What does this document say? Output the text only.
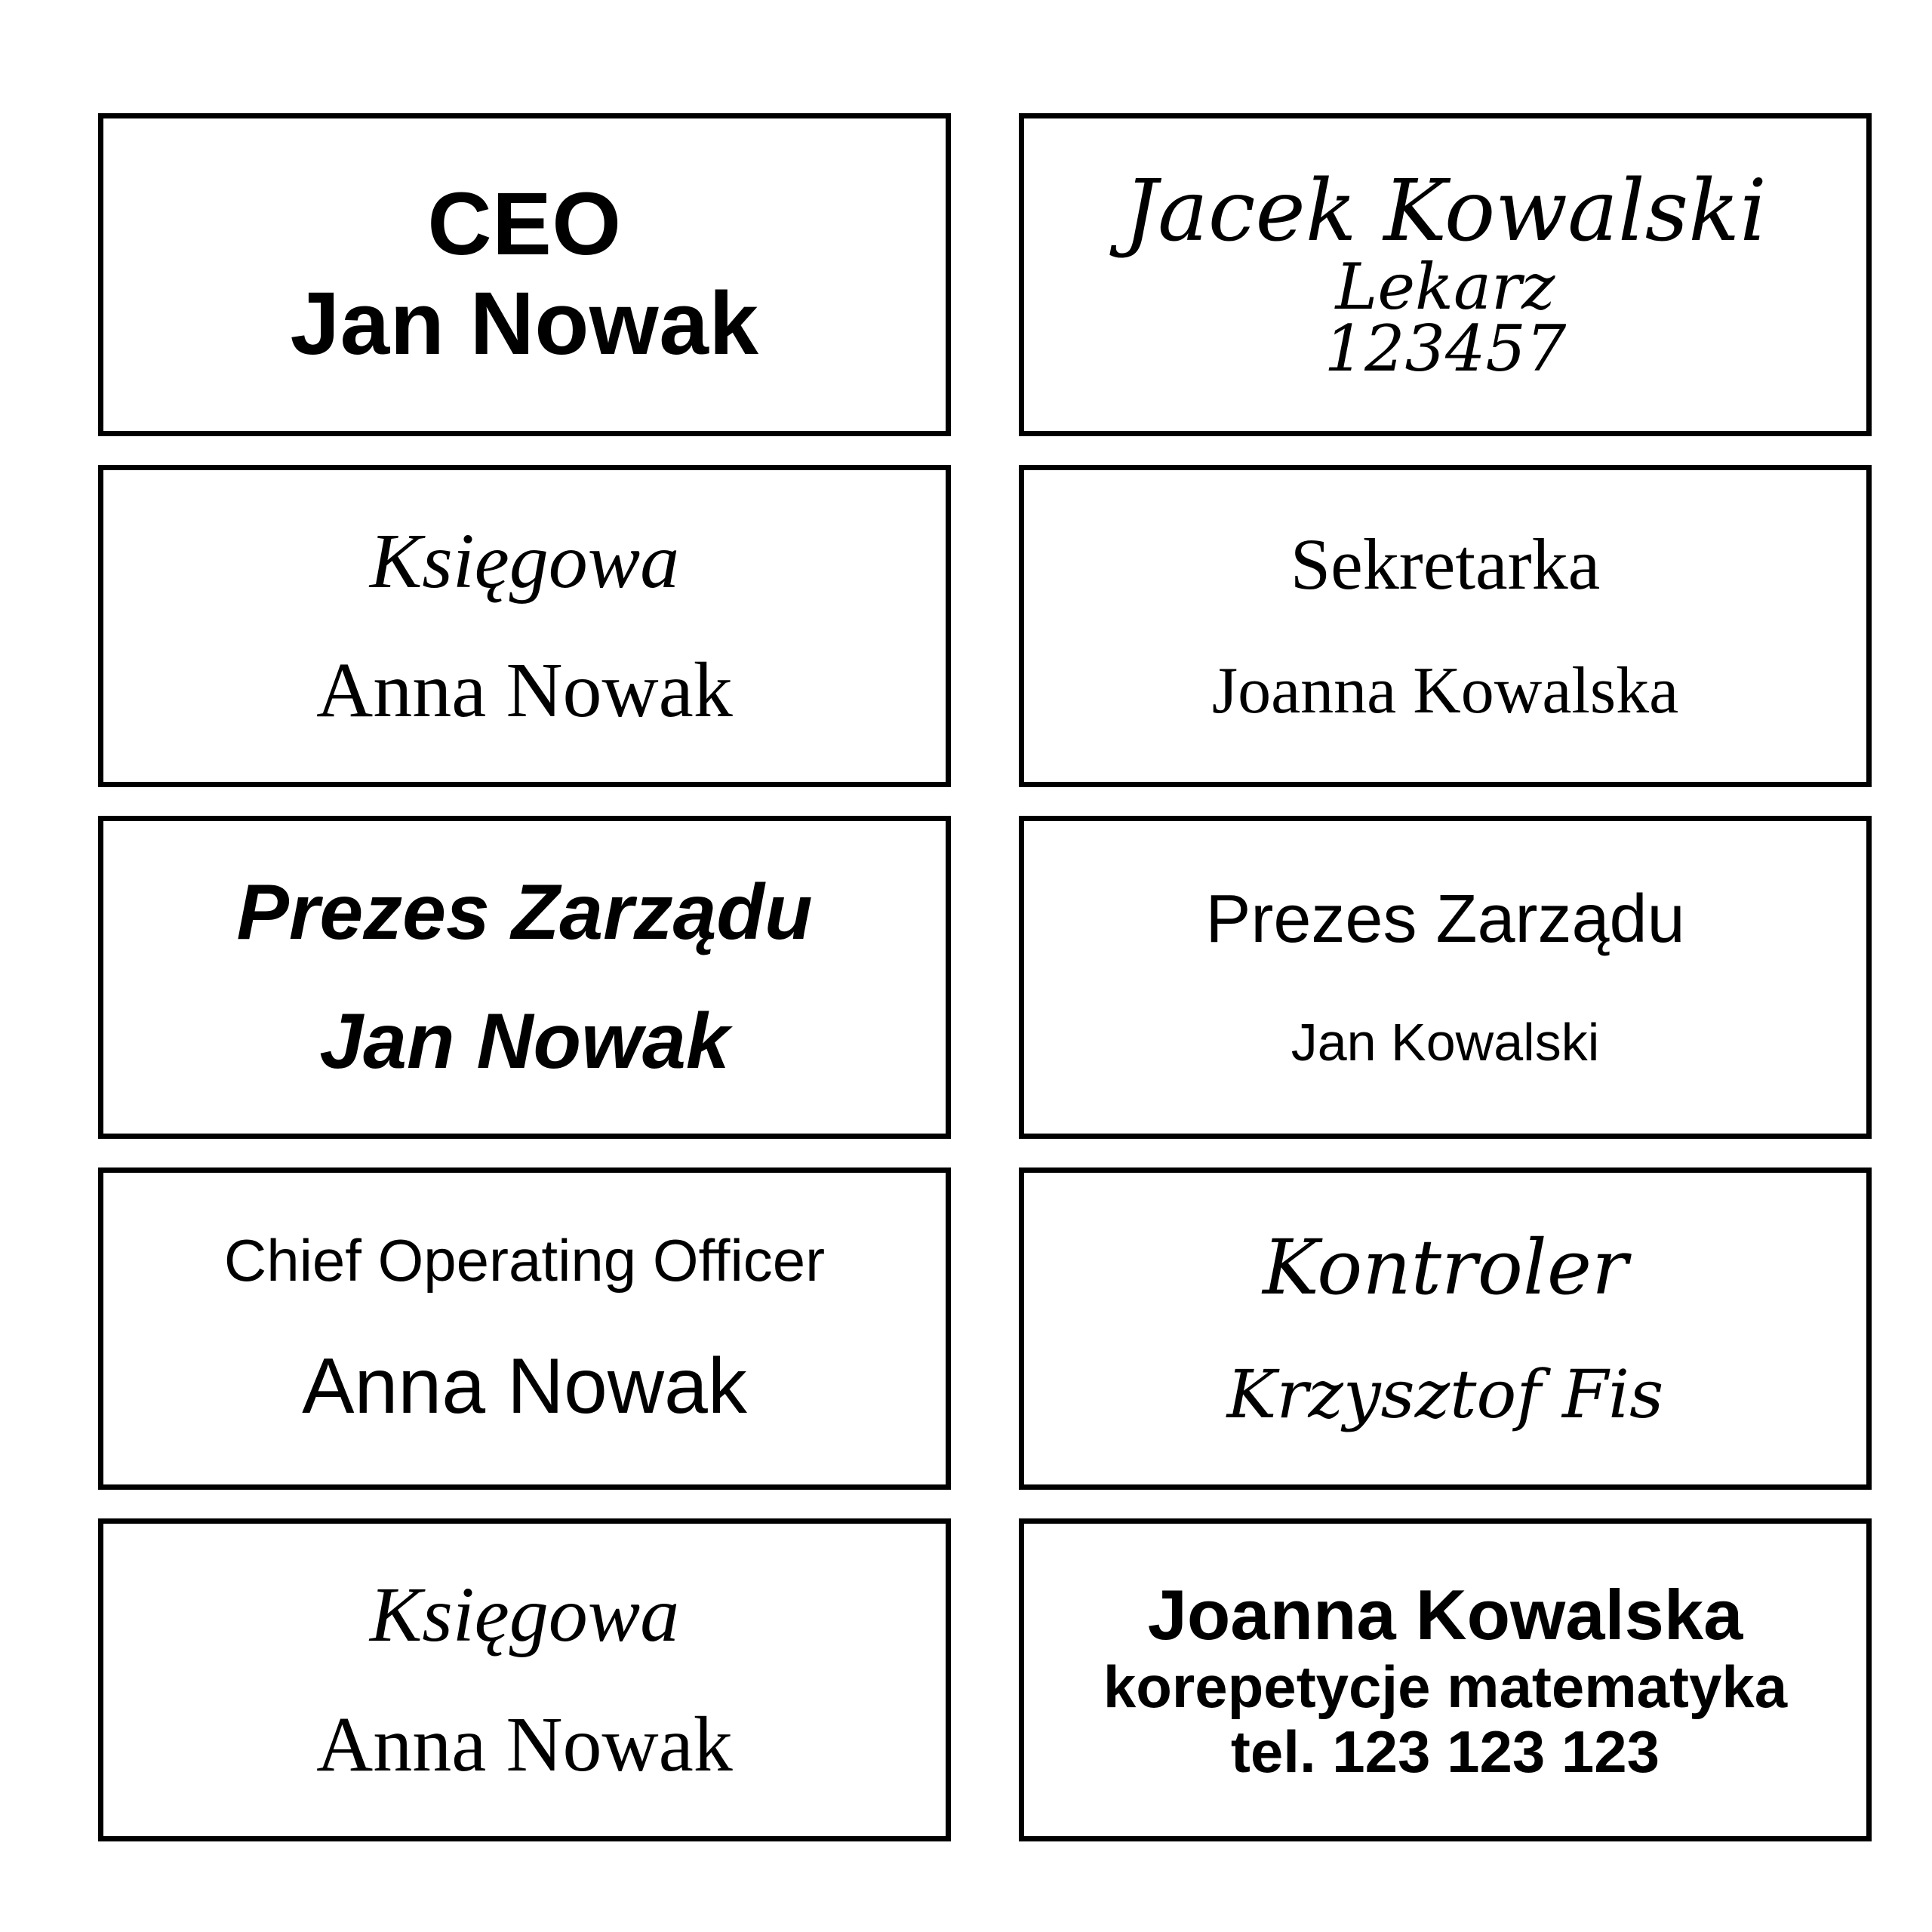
CEO
Jan Nowak
Jacek Kowalski
Lekarz
123457
Księgowa
Anna Nowak
Sekretarka
Joanna Kowalska
Prezes Zarządu
Jan Nowak
Prezes Zarządu
Jan Kowalski
Chief Operating Officer
Anna Nowak
Kontroler
Krzysztof Fis
Księgowa
Anna Nowak
Joanna Kowalska
korepetycje matematyka
tel. 123 123 123
